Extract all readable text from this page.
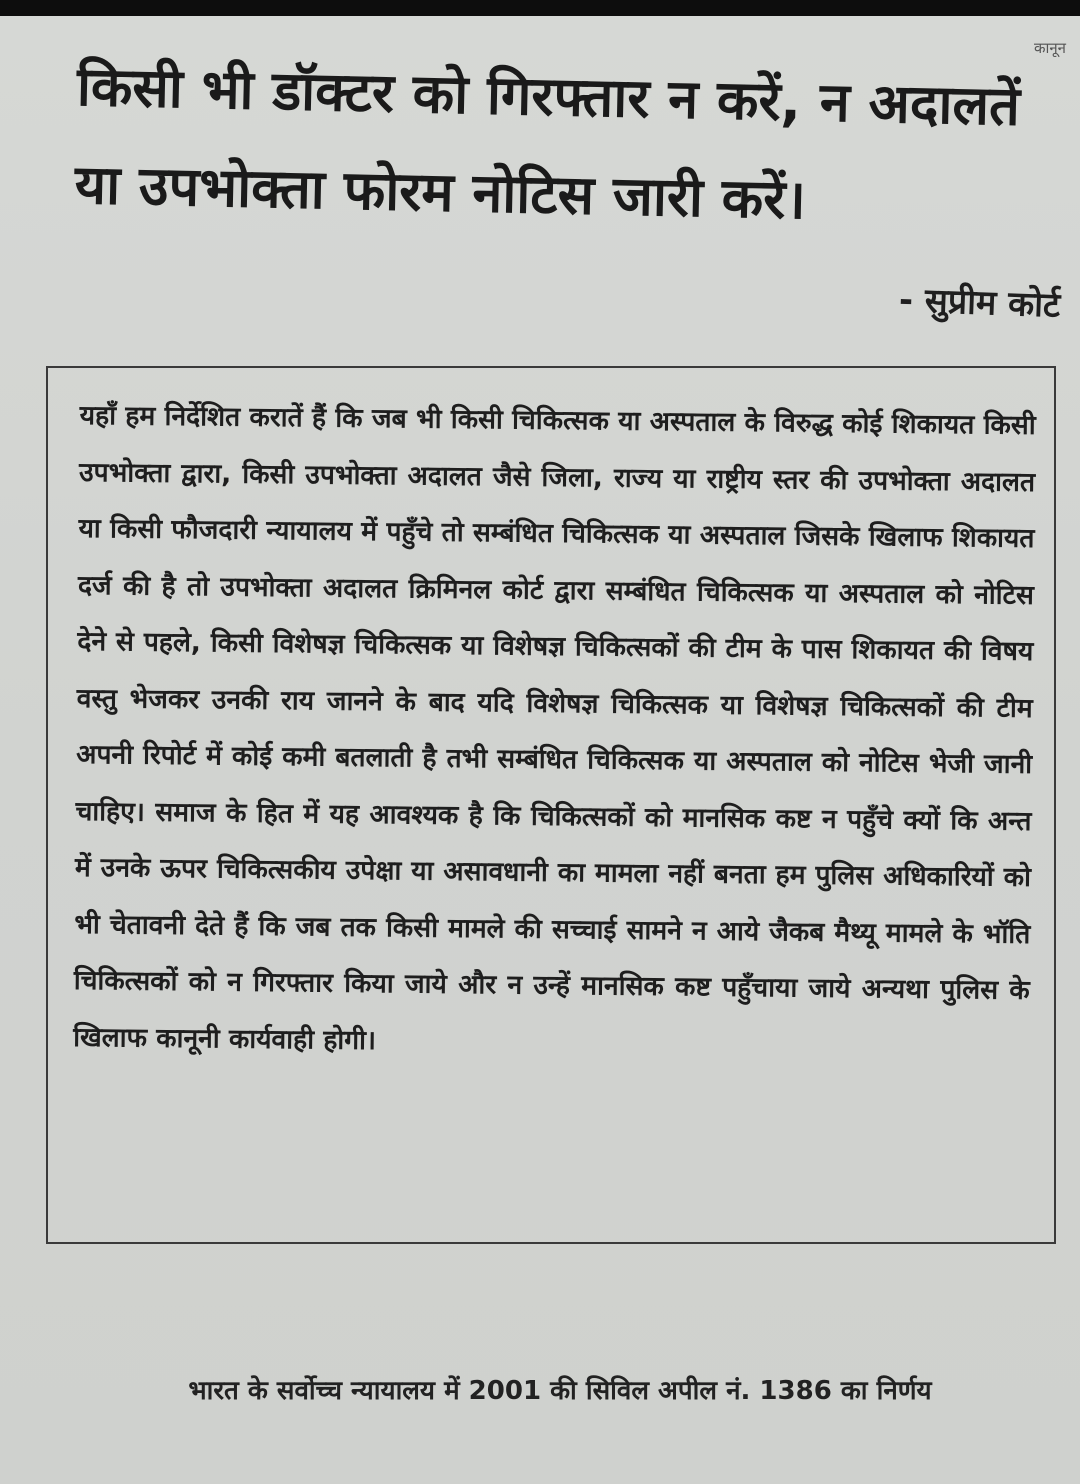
कानून
किसी भी डॉक्टर को गिरफ्तार न करें, न अदालतें या उपभोक्ता फोरम नोटिस जारी करें।
- सुप्रीम कोर्ट

यहाँ हम निर्देशित करातें हैं कि जब भी किसी चिकित्सक या अस्पताल के विरुद्ध कोई शिकायत किसी उपभोक्ता द्वारा, किसी उपभोक्ता अदालत जैसे जिला, राज्य या राष्ट्रीय स्तर की उपभोक्ता अदालत या किसी फौजदारी न्यायालय में पहुँचे तो सम्बंधित चिकित्सक या अस्पताल जिसके खिलाफ शिकायत दर्ज की है तो उपभोक्ता अदालत क्रिमिनल कोर्ट द्वारा सम्बंधित चिकित्सक या अस्पताल को नोटिस देने से पहले, किसी विशेषज्ञ चिकित्सक या विशेषज्ञ चिकित्सकों की टीम के पास शिकायत की विषय वस्तु भेजकर उनकी राय जानने के बाद यदि विशेषज्ञ चिकित्सक या विशेषज्ञ चिकित्सकों की टीम अपनी रिपोर्ट में कोई कमी बतलाती है तभी सम्बंधित चिकित्सक या अस्पताल को नोटिस भेजी जानी चाहिए। समाज के हित में यह आवश्यक है कि चिकित्सकों को मानसिक कष्ट न पहुँचे क्यों कि अन्त में उनके ऊपर चिकित्सकीय उपेक्षा या असावधानी का मामला नहीं बनता हम पुलिस अधिकारियों को भी चेतावनी देते हैं कि जब तक किसी मामले की सच्चाई सामने न आये जैकब मैथ्यू मामले के भॉति चिकित्सकों को न गिरफ्तार किया जाये और न उन्हें मानसिक कष्ट पहुँचाया जाये अन्यथा पुलिस के खिलाफ कानूनी कार्यवाही होगी।

भारत के सर्वोच्च न्यायालय में 2001 की सिविल अपील नं. 1386 का निर्णय
